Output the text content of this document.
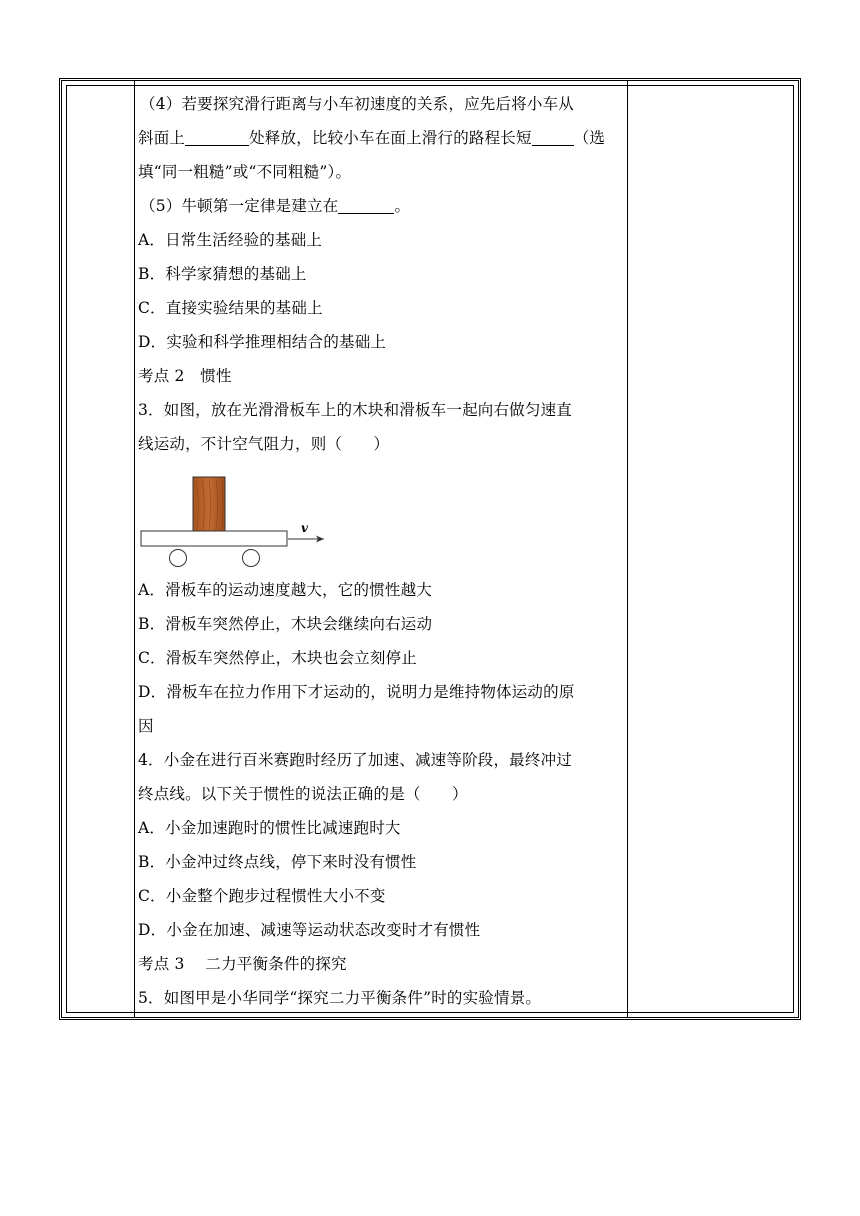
（4）若要探究滑行距离与小车初速度的关系，应先后将小车从
斜面上	处释放，比较小车在面上滑行的路程长短	（选
填“同一粗糙”或“不同粗糙”）。
（5）牛顿第一定律是建立在	。
A．日常生活经验的基础上
B．科学家猜想的基础上
C．直接实验结果的基础上
D．实验和科学推理相结合的基础上
考点 2　惯性
3．如图，放在光滑滑板车上的木块和滑板车一起向右做匀速直
线运动，不计空气阻力，则（　　）
v
A．滑板车的运动速度越大，它的惯性越大
B．滑板车突然停止，木块会继续向右运动
C．滑板车突然停止，木块也会立刻停止
D．滑板车在拉力作用下才运动的，说明力是维持物体运动的原
因
4．小金在进行百米赛跑时经历了加速、减速等阶段，最终冲过
终点线。以下关于惯性的说法正确的是（　　）
A．小金加速跑时的惯性比减速跑时大
B．小金冲过终点线，停下来时没有惯性
C．小金整个跑步过程惯性大小不变
D．小金在加速、减速等运动状态改变时才有惯性
考点 3　 二力平衡条件的探究
5．如图甲是小华同学“探究二力平衡条件”时的实验情景。
